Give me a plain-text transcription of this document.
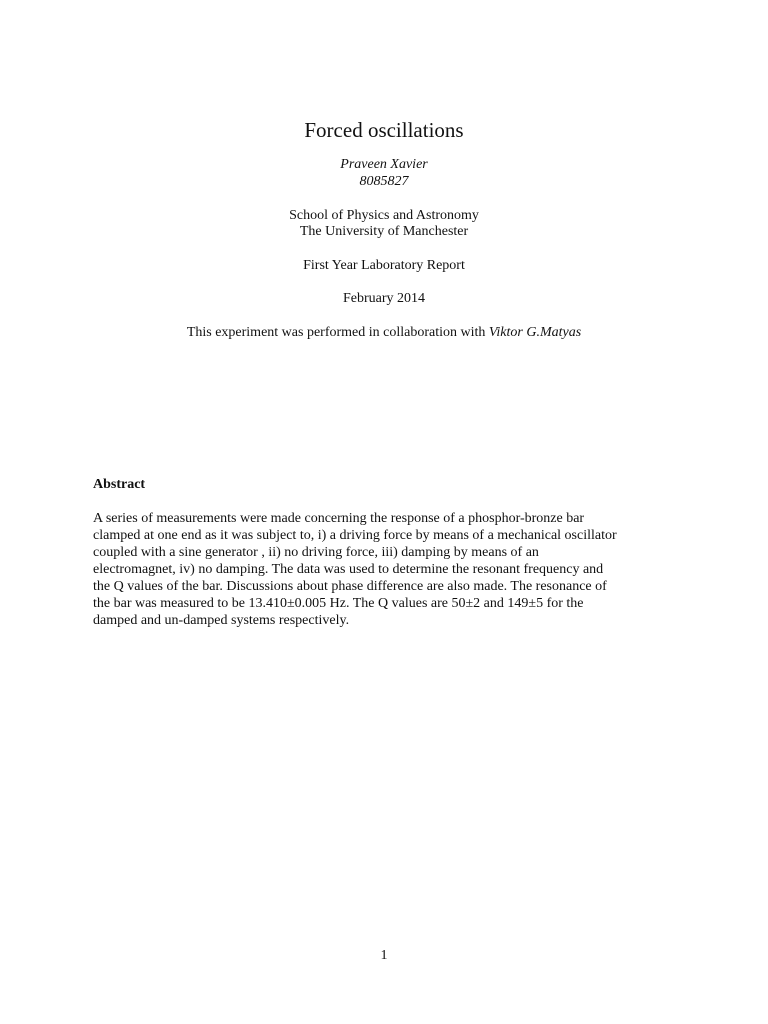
Forced oscillations
Praveen Xavier
8085827
School of Physics and Astronomy
The University of Manchester
First Year Laboratory Report
February 2014
This experiment was performed in collaboration with Viktor G.Matyas
Abstract
A series of measurements were made concerning the response of a phosphor-bronze bar
clamped at one end as it was subject to, i) a driving force by means of a mechanical oscillator
coupled with a sine generator , ii) no driving force, iii) damping by means of an
electromagnet, iv) no damping. The data was used to determine the resonant frequency and
the Q values of the bar. Discussions about phase difference are also made. The resonance of
the bar was measured to be 13.410±0.005 Hz. The Q values are 50±2 and 149±5 for the
damped and un-damped systems respectively.
1
